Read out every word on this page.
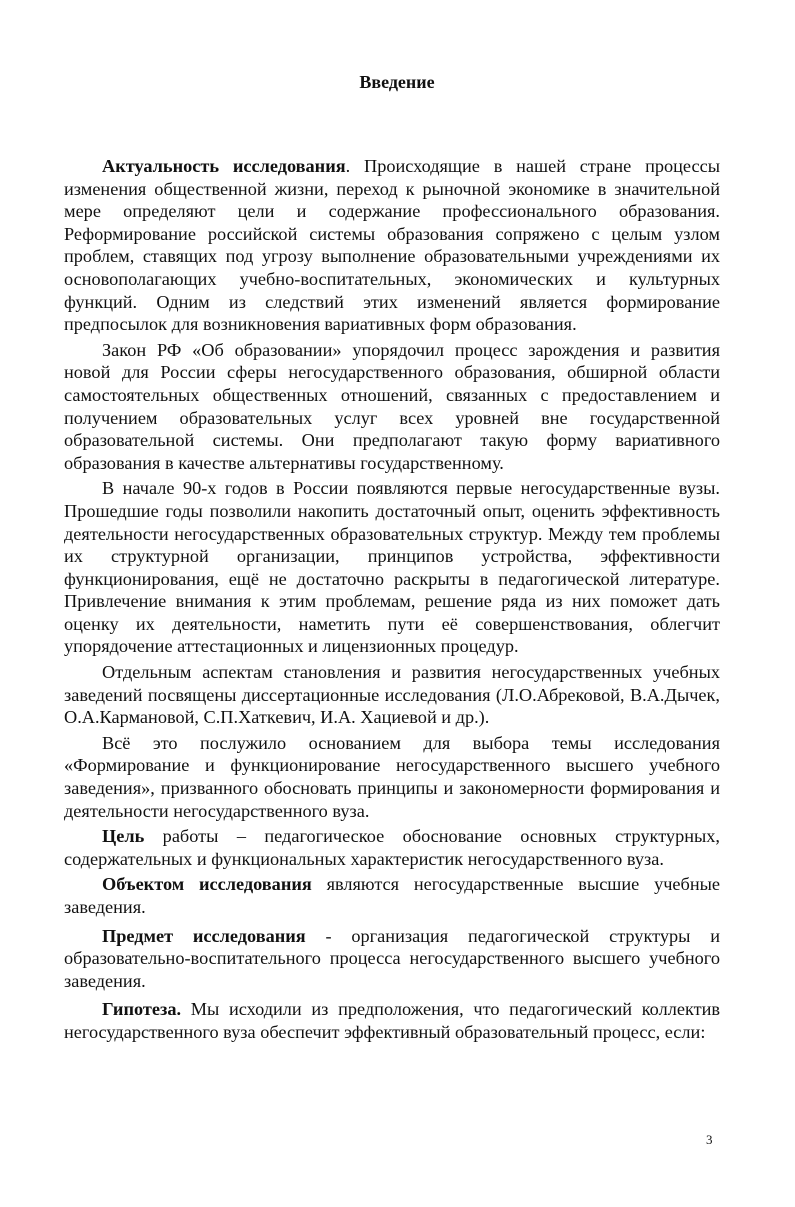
Введение

Актуальность исследования. Происходящие в нашей стране процессы изменения общественной жизни, переход к рыночной экономике в значительной мере определяют цели и содержание профессионального образования. Реформирование российской системы образования сопряжено с целым узлом проблем, ставящих под угрозу выполнение образовательными учреждениями их основополагающих учебно-воспитательных, экономических и культурных функций. Одним из следствий этих изменений является формирование предпосылок для возникновения вариативных форм образования.

Закон РФ «Об образовании» упорядочил процесс зарождения и развития новой для России сферы негосударственного образования, обширной области самостоятельных общественных отношений, связанных с предоставлением и получением образовательных услуг всех уровней вне государственной образовательной системы. Они предполагают такую форму вариативного образования в качестве альтернативы государственному.

В начале 90-х годов в России появляются первые негосударственные вузы. Прошедшие годы позволили накопить достаточный опыт, оценить эффективность деятельности негосударственных образовательных структур. Между тем проблемы их структурной организации, принципов устройства, эффективности функционирования, ещё не достаточно раскрыты в педагогической литературе. Привлечение внимания к этим проблемам, решение ряда из них поможет дать оценку их деятельности, наметить пути её совершенствования, облегчит упорядочение аттестационных и лицензионных процедур.

Отдельным аспектам становления и развития негосударственных учебных заведений посвящены диссертационные исследования (Л.О.Абрековой, В.А.Дычек, О.А.Кармановой, С.П.Хаткевич, И.А. Хациевой и др.).

Всё это послужило основанием для выбора темы исследования «Формирование и функционирование негосударственного высшего учебного заведения», призванного обосновать принципы и закономерности формирования и деятельности негосударственного вуза.

Цель работы – педагогическое обоснование основных структурных, содержательных и функциональных характеристик негосударственного вуза.

Объектом исследования являются негосударственные высшие учебные заведения.

Предмет исследования - организация педагогической структуры и образовательно-воспитательного процесса негосударственного высшего учебного заведения.

Гипотеза. Мы исходили из предположения, что педагогический коллектив негосударственного вуза обеспечит эффективный образовательный процесс, если:

3
